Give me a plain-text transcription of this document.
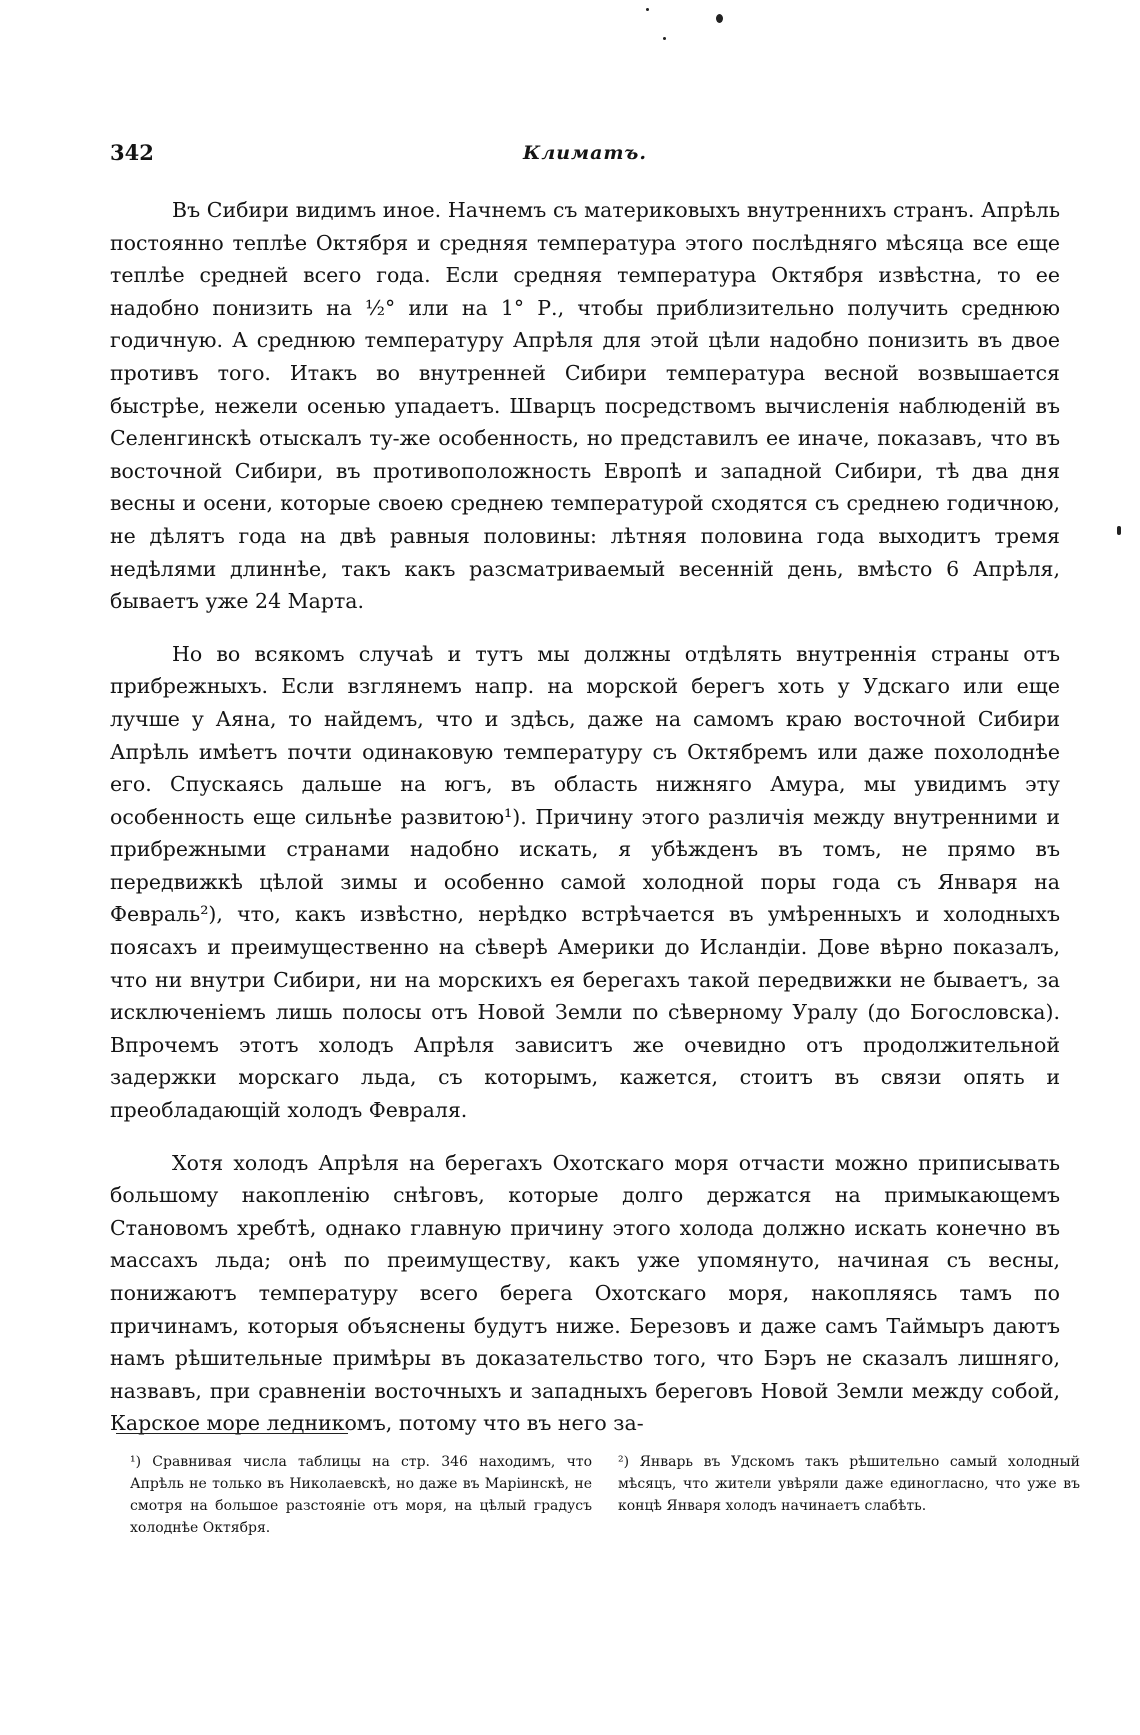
342	Климатъ.

Въ Сибири видимъ иное. Начнемъ съ материковыхъ внутреннихъ странъ. Апрѣль постоянно теплѣе Октября и средняя температура этого послѣдняго мѣсяца все еще теплѣе средней всего года. Если средняя температура Октября извѣстна, то ее надобно понизить на ½° или на 1° Р., чтобы приблизительно получить среднюю годичную. А среднюю температуру Апрѣля для этой цѣли надобно понизить въ двое противъ того. Итакъ во внутренней Сибири температура весной возвышается быстрѣе, нежели осенью упадаетъ. Шварцъ посредствомъ вычисленія наблюденій въ Селенгинскѣ отыскалъ ту-же особенность, но представилъ ее иначе, показавъ, что въ восточной Сибири, въ противоположность Европѣ и западной Сибири, тѣ два дня весны и осени, которые своею среднею температурой сходятся съ среднею годичною, не дѣлятъ года на двѣ равныя половины: лѣтняя половина года выходитъ тремя недѣлями длиннѣе, такъ какъ разсматриваемый весенній день, вмѣсто 6 Апрѣля, бываетъ уже 24 Марта.

Но во всякомъ случаѣ и тутъ мы должны отдѣлять внутреннія страны отъ прибрежныхъ. Если взглянемъ напр. на морской берегъ хоть у Удскаго или еще лучше у Аяна, то найдемъ, что и здѣсь, даже на самомъ краю восточной Сибири Апрѣль имѣетъ почти одинаковую температуру съ Октябремъ или даже похолоднѣе его. Спускаясь дальше на югъ, въ область нижняго Амура, мы увидимъ эту особенность еще сильнѣе развитою¹). Причину этого различія между внутренними и прибрежными странами надобно искать, я убѣжденъ въ томъ, не прямо въ передвижкѣ цѣлой зимы и особенно самой холодной поры года съ Января на Февраль²), что, какъ извѣстно, нерѣдко встрѣчается въ умѣренныхъ и холодныхъ поясахъ и преимущественно на сѣверѣ Америки до Исландіи. Дове вѣрно показалъ, что ни внутри Сибири, ни на морскихъ ея берегахъ такой передвижки не бываетъ, за исключеніемъ лишь полосы отъ Новой Земли по сѣверному Уралу (до Богословска). Впрочемъ этотъ холодъ Апрѣля зависитъ же очевидно отъ продолжительной задержки морскаго льда, съ которымъ, кажется, стоитъ въ связи опять и преобладающій холодъ Февраля.

Хотя холодъ Апрѣля на берегахъ Охотскаго моря отчасти можно приписывать большому накопленію снѣговъ, которые долго держатся на примыкающемъ Становомъ хребтѣ, однако главную причину этого холода должно искать конечно въ массахъ льда; онѣ по преимуществу, какъ уже упомянуто, начиная съ весны, понижаютъ температуру всего берега Охотскаго моря, накопляясь тамъ по причинамъ, которыя объяснены будутъ ниже. Березовъ и даже самъ Таймыръ даютъ намъ рѣшительные примѣры въ доказательство того, что Бэръ не сказалъ лишняго, назвавъ, при сравненіи восточныхъ и западныхъ береговъ Новой Земли между собой, Карское море ледникомъ, потому что въ него за-

¹) Сравнивая числа таблицы на стр. 346 находимъ, что Апрѣль не только въ Николаевскѣ, но даже въ Маріинскѣ, не смотря на большое разстояніе отъ моря, на цѣлый градусъ холоднѣе Октября.

²) Январь въ Удскомъ такъ рѣшительно самый холодный мѣсяцъ, что жители увѣряли даже единогласно, что уже въ концѣ Января холодъ начинаетъ слабѣть.
